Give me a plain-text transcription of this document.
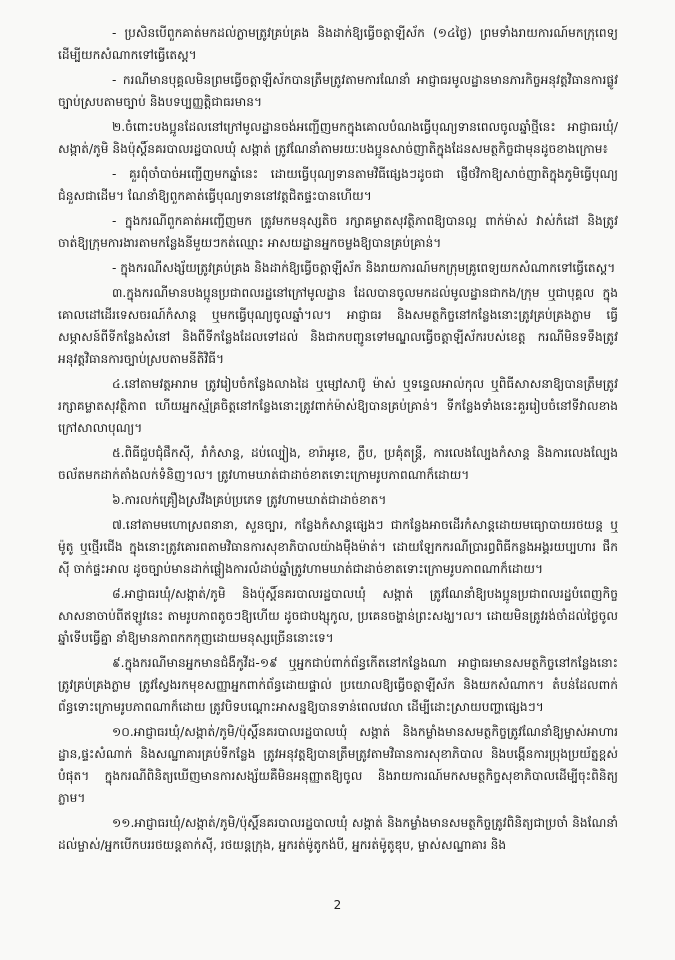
- ប្រសិនបើពួកគាត់មកដល់ភ្លាមត្រូវគ្រប់គ្រង និងដាក់ឱ្យធ្វើចត្តាឡីស័ក (១៤ថ្ងៃ) ព្រមទាំងរាយការណ៍មកក្រុពេទ្យ ដើម្បីយកសំណាកទៅធ្វើតេស្ត។

- ករណីមានបុគ្គលមិនព្រមធ្វើចត្តាឡីស័កបានត្រឹមត្រូវតាមការណែនាំ អាជ្ញាធរមូលដ្ឋានមានភារកិច្ចអនុវត្តវិធានការផ្លូវច្បាប់ស្របតាមច្បាប់ និងបទប្បញ្ញត្តិជាធរមាន។

២.ចំពោះបងប្អូនដែលនៅក្រៅមូលដ្ឋានចង់អញ្ជើញមកក្នុងគោលបំណងធ្វើបុណ្យទានពេលចូលឆ្នាំថ្មីនេះ អាជ្ញាធរឃុំ/សង្កាត់/ភូមិ និងប៉ុស្តិ៍នគរបាលរដ្ឋបាលឃុំ សង្កាត់ ត្រូវណែនាំតាមរយៈបងប្អូនសាច់ញាតិក្នុងដែនសមត្ថកិច្ចជាមុនដូចខាងក្រោម៖

- គួរពុំចាំបាច់អញ្ជើញមកឆ្នាំនេះ ដោយធ្វើបុណ្យទានតាមវិធីផ្សេងៗដូចជា ផ្ញើថវិកាឱ្យសាច់ញាតិក្នុងភូមិធ្វើបុណ្យជំនួសជាដើម។ ណែនាំឱ្យពួកគាត់ធ្វើបុណ្យទាននៅវត្តជិតផ្ទះបានហើយ។

- ក្នុងករណីពួកគាត់អញ្ជើញមក ត្រូវមកមនុស្សតិច រក្សាគម្លាតសុវត្ថិភាពឱ្យបានល្អ ពាក់ម៉ាស់ វាស់កំដៅ និងត្រូវចាត់ឱ្យក្រុមការងារតាមកន្លែងនីមួយៗកត់ឈ្មោះ អាសយដ្ឋានអ្នកចម្លងឱ្យបានគ្រប់គ្រាន់។

- ក្នុងករណីសង្ស័យត្រូវគ្រប់គ្រង និងដាក់ឱ្យធ្វើចត្តាឡីស័ក និងរាយការណ៍មកក្រុមគ្រូពេទ្យយកសំណាកទៅធ្វើតេស្ត។

៣.ក្នុងករណីមានបងប្អូនប្រជាពលរដ្ឋនៅក្រៅមូលដ្ឋាន ដែលបានចូលមកដល់មូលដ្ឋានជាកង/ក្រុម ឬជាបុគ្គល ក្នុងគោលដៅដើរទេសចរណ៍កំសាន្ត ឬមកធ្វើបុណ្យចូលឆ្នាំ។ល។ អាជ្ញាធរ និងសមត្ថកិច្ចនៅកន្លែងនោះត្រូវគ្រប់គ្រងភ្លាម ធ្វើសម្ភាសន៍ពីទីកន្លែងសំនៅ និងពីទីកន្លែងដែលទៅដល់ និងជាកបញ្ជូនទៅមណ្ឌលធ្វើចត្តាឡីស័ករបស់ខេត្ត ករណីមិនទទឹងត្រូវអនុវត្តវិធានការច្បាប់ស្របតាមនីតិវិធី។

៤.នៅតាមវត្តអារាម ត្រូវរៀបចំកន្លែងលាងដៃ ឬម្សៅសាប៊ូ ម៉ាស់ ឬទន្ទេលអាល់កុល ឬពិធីសាសនាឱ្យបានត្រឹមត្រូវរក្សាគម្លាតសុវត្ថិភាព ហើយអ្នកស្ម័គ្រចិត្តនៅកន្លែងនោះត្រូវពាក់ម៉ាស់ឱ្យបានគ្រប់គ្រាន់។ ទីកន្លែងទាំងនេះគួររៀបចំនៅទីវាលខាងក្រៅសាលាបុណ្យ។

៥.ពិធីជួបជុំផឹកស៊ី, រាំកំសាន្ត, ដប់ល្បៀង, ខារ៉ាអូខេ, ក្លឹប, ប្រគុំតន្ត្រី, ការលេងល្បែងកំសាន្ត និងការលេងល្បែងចល័តមកដាក់តាំងលក់ទំនិញ។ល។ ត្រូវហាមឃាត់ជាដាច់ខាតទោះក្រោមរូបភាពណាក៏ដោយ។

៦.ការលក់គ្រឿងស្រវឹងគ្រប់ប្រភេទ ត្រូវហាមឃាត់ជាដាច់ខាត។

៧.នៅតាមមហោស្រពនានា, សួនច្បារ, កន្លែងកំសាន្តផ្សេងៗ ជាកន្លែងអាចដើរកំសាន្តដោយមធ្យោបាយរថយន្ត ឬម៉ូតូ ឬថ្មើរជើង ក្នុងនោះត្រូវគោរពតាមវិធានការសុខាភិបាលយ៉ាងម៉ឺងម៉ាត់។ ដោយឡែកករណីប្រារព្ធពិធីកន្លងអង្គរយប្បហារ ផឹកស៊ី ចាក់ផ្ទះអាល ដូចច្បាប់មានដាក់ផ្លៀងការលំដាប់ឆ្នាំត្រូវហាមឃាត់ជាដាច់ខាតទោះក្រោមរូបភាពណាក៏ដោយ។

៨.អាជ្ញាធរឃុំ/សង្កាត់/ភូមិ និងប៉ុស្តិ៍នគរបាលរដ្ឋបាលឃុំ សង្កាត់ ត្រូវណែនាំឱ្យបងប្អូនប្រជាពលរដ្ឋបំពេញកិច្ចសាសនាចាប់ពីឥឡូវនេះ តាមរូបភាពតូចៗឱ្យហើយ ដូចជាបង្សុកូល, ប្រគេនចង្ហាន់ព្រះសង្ឃ។ល។ ដោយមិនត្រូវរង់ចាំដល់ថ្ងៃចូលឆ្នាំទើបធ្វើគ្នា នាំឱ្យមានភាពកកកុញដោយមនុស្សច្រើននោះទេ។

៩.ក្នុងករណីមានអ្នកមានជំងឺកូវីដ-១៩ ឬអ្នកជាប់ពាក់ព័ន្ធកើតនៅកន្លែងណា អាជ្ញាធរមានសមត្ថកិច្ចនៅកន្លែងនោះត្រូវគ្រប់គ្រងភ្លាម ត្រូវស្វែងរកមុខសញ្ញាអ្នកពាក់ព័ន្ធដោយផ្ទាល់ ប្រយោលឱ្យធ្វើចត្តាឡីស័ក និងយកសំណាក។ តំបន់ដែលពាក់ព័ន្ធទោះក្រោមរូបភាពណាក៏ដោយ ត្រូវបិទបណ្ដោះអាសន្នឱ្យបានទាន់ពេលវេលា ដើម្បីដោះស្រាយបញ្ហាផ្សេងៗ។

១០.អាជ្ញាធរឃុំ/សង្កាត់/ភូមិ/ប៉ុស្តិ៍នគរបាលរដ្ឋបាលឃុំ សង្កាត់ និងកម្លាំងមានសមត្ថកិច្ចត្រូវណែនាំឱ្យម្ចាស់អាហារដ្ឋាន,ផ្ទះសំណាក់ និងសណ្ឋាគារគ្រប់ទីកន្លែង ត្រូវអនុវត្តឱ្យបានត្រឹមត្រូវតាមវិធានការសុខាភិបាល និងបង្កើនការប្រុងប្រយ័ត្នខ្ពស់បំផុត។ ក្នុងករណីពិនិត្យឃើញមានការសង្ស័យគឺមិនអនុញ្ញាតឱ្យចូល និងរាយការណ៍មកសមត្ថកិច្ចសុខាភិបាលដើម្បីចុះពិនិត្យភ្លាម។

១១.អាជ្ញាធរឃុំ/សង្កាត់/ភូមិ/ប៉ុស្តិ៍នគរបាលរដ្ឋបាលឃុំ សង្កាត់ និងកម្លាំងមានសមត្ថកិច្ចត្រូវពិនិត្យជាប្រចាំ និងណែនាំដល់ម្ចាស់/អ្នកបើកបររថយន្តតាក់ស៊ី, រថយន្តក្រុង, អ្នករត់ម៉ូតូកង់បី, អ្នករត់ម៉ូតូឌុប, ម្ចាស់សណ្ឋាគារ និង

2
